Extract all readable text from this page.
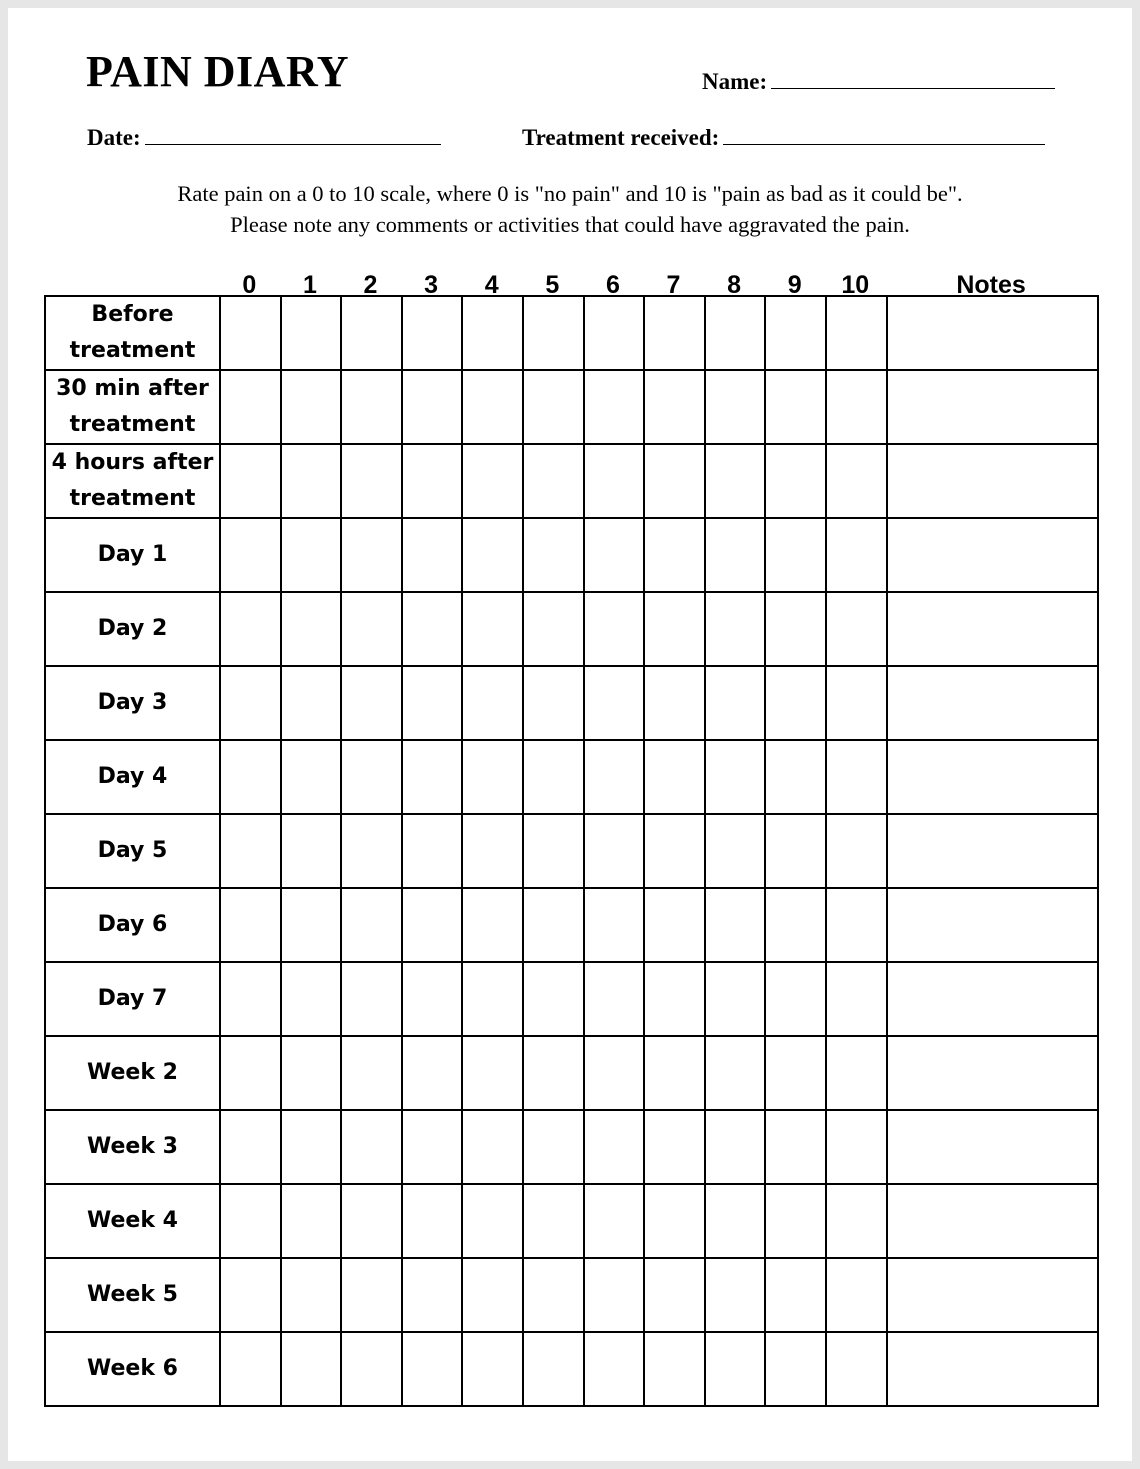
PAIN DIARY	Name:
Date:	Treatment received:
Rate pain on a 0 to 10 scale, where 0 is "no pain" and 10 is "pain as bad as it could be".
Please note any comments or activities that could have aggravated the pain.
0	1	2	3	4	5	6	7	8	9	10	Notes
Before treatment												
30 min after treatment												
4 hours after treatment												
Day 1												
Day 2												
Day 3												
Day 4												
Day 5												
Day 6												
Day 7												
Week 2												
Week 3												
Week 4												
Week 5												
Week 6												
